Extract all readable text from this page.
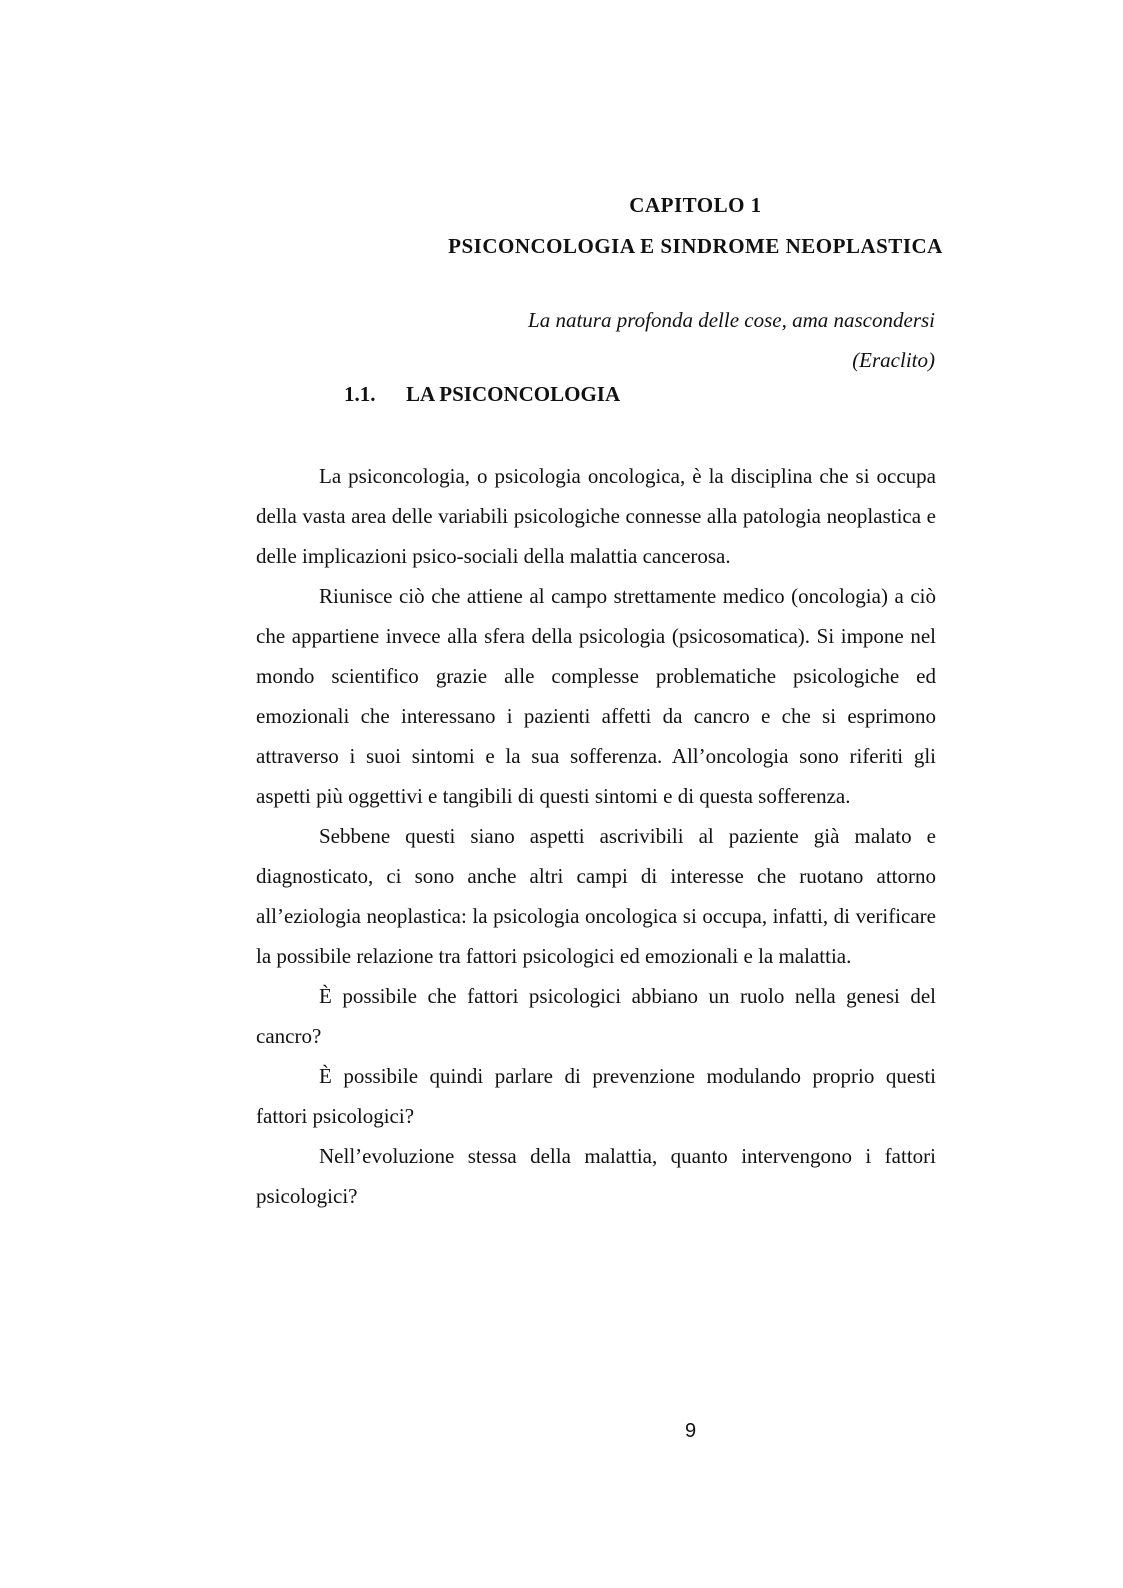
CAPITOLO 1
PSICONCOLOGIA E SINDROME NEOPLASTICA
La natura profonda delle cose, ama nascondersi
(Eraclito)
1.1. LA PSICONCOLOGIA

La psiconcologia, o psicologia oncologica, è la disciplina che si occupa della vasta area delle variabili psicologiche connesse alla patologia neoplastica e delle implicazioni psico-sociali della malattia cancerosa.

Riunisce ciò che attiene al campo strettamente medico (oncologia) a ciò che appartiene invece alla sfera della psicologia (psicosomatica). Si impone nel mondo scientifico grazie alle complesse problematiche psicologiche ed emozionali che interessano i pazienti affetti da cancro e che si esprimono attraverso i suoi sintomi e la sua sofferenza. All’oncologia sono riferiti gli aspetti più oggettivi e tangibili di questi sintomi e di questa sofferenza.

Sebbene questi siano aspetti ascrivibili al paziente già malato e diagnosticato, ci sono anche altri campi di interesse che ruotano attorno all’eziologia neoplastica: la psicologia oncologica si occupa, infatti, di verificare la possibile relazione tra fattori psicologici ed emozionali e la malattia.

È possibile che fattori psicologici abbiano un ruolo nella genesi del cancro?

È possibile quindi parlare di prevenzione modulando proprio questi fattori psicologici?

Nell’evoluzione stessa della malattia, quanto intervengono i fattori psicologici?

9
